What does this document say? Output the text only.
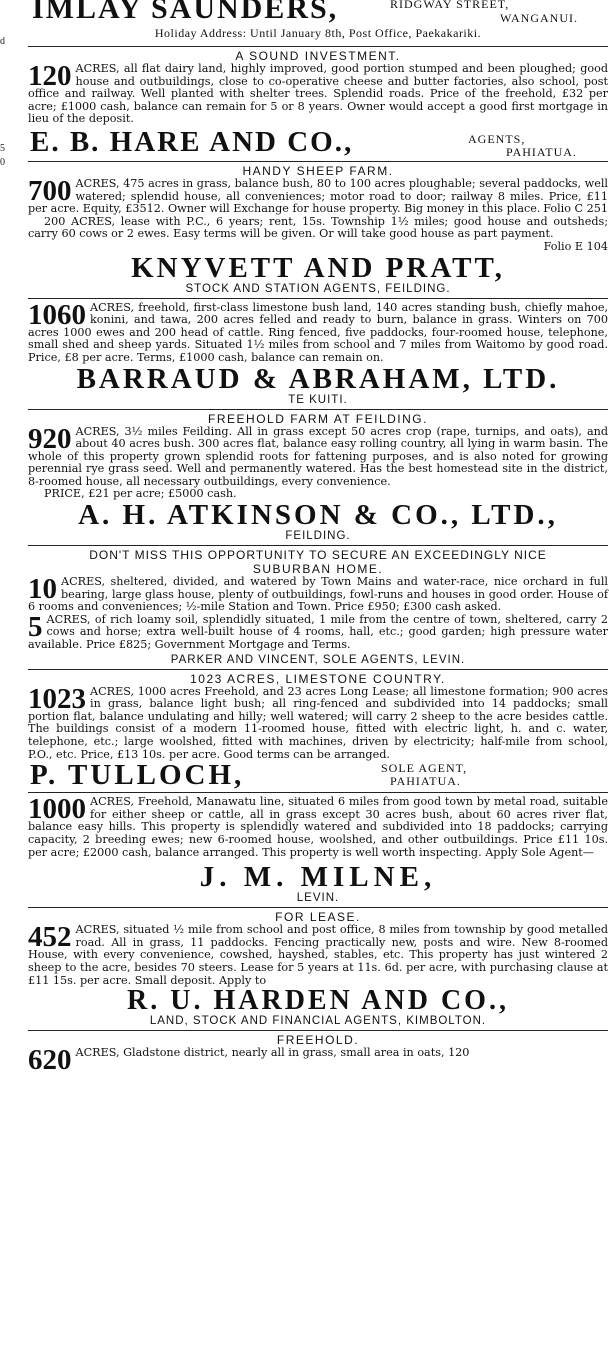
d
5
0
IMLAY SAUNDERS,	RIDGWAY STREET,
WANGANUI.
Holiday Address: Until January 8th, Post Office, Paekakariki.
A SOUND INVESTMENT.

120 ACRES, all flat dairy land, highly improved, good portion stumped and been ploughed; good house and outbuildings, close to co-operative cheese and butter factories, also school, post office and railway. Well planted with shelter trees. Splendid roads. Price of the freehold, £32 per acre; £1000 cash, balance can remain for 5 or 8 years. Owner would accept a good first mortgage in lieu of the deposit.

E. B. HARE AND CO.,	AGENTS,
PAHIATUA.
HANDY SHEEP FARM.

700 ACRES, 475 acres in grass, balance bush, 80 to 100 acres ploughable; several paddocks, well watered; splendid house, all conveniences; motor road to door; railway 8 miles. Price, £11 per acre. Equity, £3512. Owner will Exchange for house property. Big money in this place. Folio C 251

200 ACRES, lease with P.C., 6 years; rent, 15s. Township 1½ miles; good house and outsheds; carry 60 cows or 2 ewes. Easy terms will be given. Or will take good house as part payment.
Folio E 104

KNYVETT AND PRATT,
STOCK AND STATION AGENTS, FEILDING.

1060 ACRES, freehold, first-class limestone bush land, 140 acres standing bush, chiefly mahoe, konini, and tawa, 200 acres felled and ready to burn, balance in grass. Winters on 700 acres 1000 ewes and 200 head of cattle. Ring fenced, five paddocks, four-roomed house, telephone, small shed and sheep yards. Situated 1½ miles from school and 7 miles from Waitomo by good road. Price, £8 per acre. Terms, £1000 cash, balance can remain on.

BARRAUD & ABRAHAM, LTD.
TE KUITI.
FREEHOLD FARM AT FEILDING.

920 ACRES, 3½ miles Feilding. All in grass except 50 acres crop (rape, turnips, and oats), and about 40 acres bush. 300 acres flat, balance easy rolling country, all lying in warm basin. The whole of this property grown splendid roots for fattening purposes, and is also noted for growing perennial rye grass seed. Well and permanently watered. Has the best homestead site in the district, 8-roomed house, all necessary outbuildings, every convenience.

PRICE, £21 per acre; £5000 cash.

A. H. ATKINSON & CO., LTD.,
FEILDING.
DON'T MISS THIS OPPORTUNITY TO SECURE AN EXCEEDINGLY NICE
SUBURBAN HOME.

10 ACRES, sheltered, divided, and watered by Town Mains and water-race, nice orchard in full bearing, large glass house, plenty of outbuildings, fowl-runs and houses in good order. House of 6 rooms and conveniences; ½-mile Station and Town. Price £950; £300 cash asked.

5 ACRES, of rich loamy soil, splendidly situated, 1 mile from the centre of town, sheltered, carry 2 cows and horse; extra well-built house of 4 rooms, hall, etc.; good garden; high pressure water available. Price £825; Government Mortgage and Terms.

PARKER AND VINCENT, SOLE AGENTS, LEVIN.
1023 ACRES, LIMESTONE COUNTRY.

1023 ACRES, 1000 acres Freehold, and 23 acres Long Lease; all limestone formation; 900 acres in grass, balance light bush; all ring-fenced and subdivided into 14 paddocks; small portion flat, balance undulating and hilly; well watered; will carry 2 sheep to the acre besides cattle. The buildings consist of a modern 11-roomed house, fitted with electric light, h. and c. water, telephone, etc.; large woolshed, fitted with machines, driven by electricity; half-mile from school, P.O., etc. Price, £13 10s. per acre. Good terms can be arranged.

P. TULLOCH,	SOLE AGENT,
PAHIATUA.

1000 ACRES, Freehold, Manawatu line, situated 6 miles from good town by metal road, suitable for either sheep or cattle, all in grass except 30 acres bush, about 60 acres river flat, balance easy hills. This property is splendidly watered and subdivided into 18 paddocks; carrying capacity, 2 breeding ewes; new 6-roomed house, woolshed, and other outbuildings. Price £11 10s. per acre; £2000 cash, balance arranged. This property is well worth inspecting. Apply Sole Agent—

J. M. MILNE,
LEVIN.
FOR LEASE.

452 ACRES, situated ½ mile from school and post office, 8 miles from township by good metalled road. All in grass, 11 paddocks. Fencing practically new, posts and wire. New 8-roomed House, with every convenience, cowshed, hayshed, stables, etc. This property has just wintered 2 sheep to the acre, besides 70 steers. Lease for 5 years at 11s. 6d. per acre, with purchasing clause at £11 15s. per acre. Small deposit. Apply to

R. U. HARDEN AND CO.,
LAND, STOCK AND FINANCIAL AGENTS, KIMBOLTON.
FREEHOLD.

620 ACRES, Gladstone district, nearly all in grass, small area in oats, 120
